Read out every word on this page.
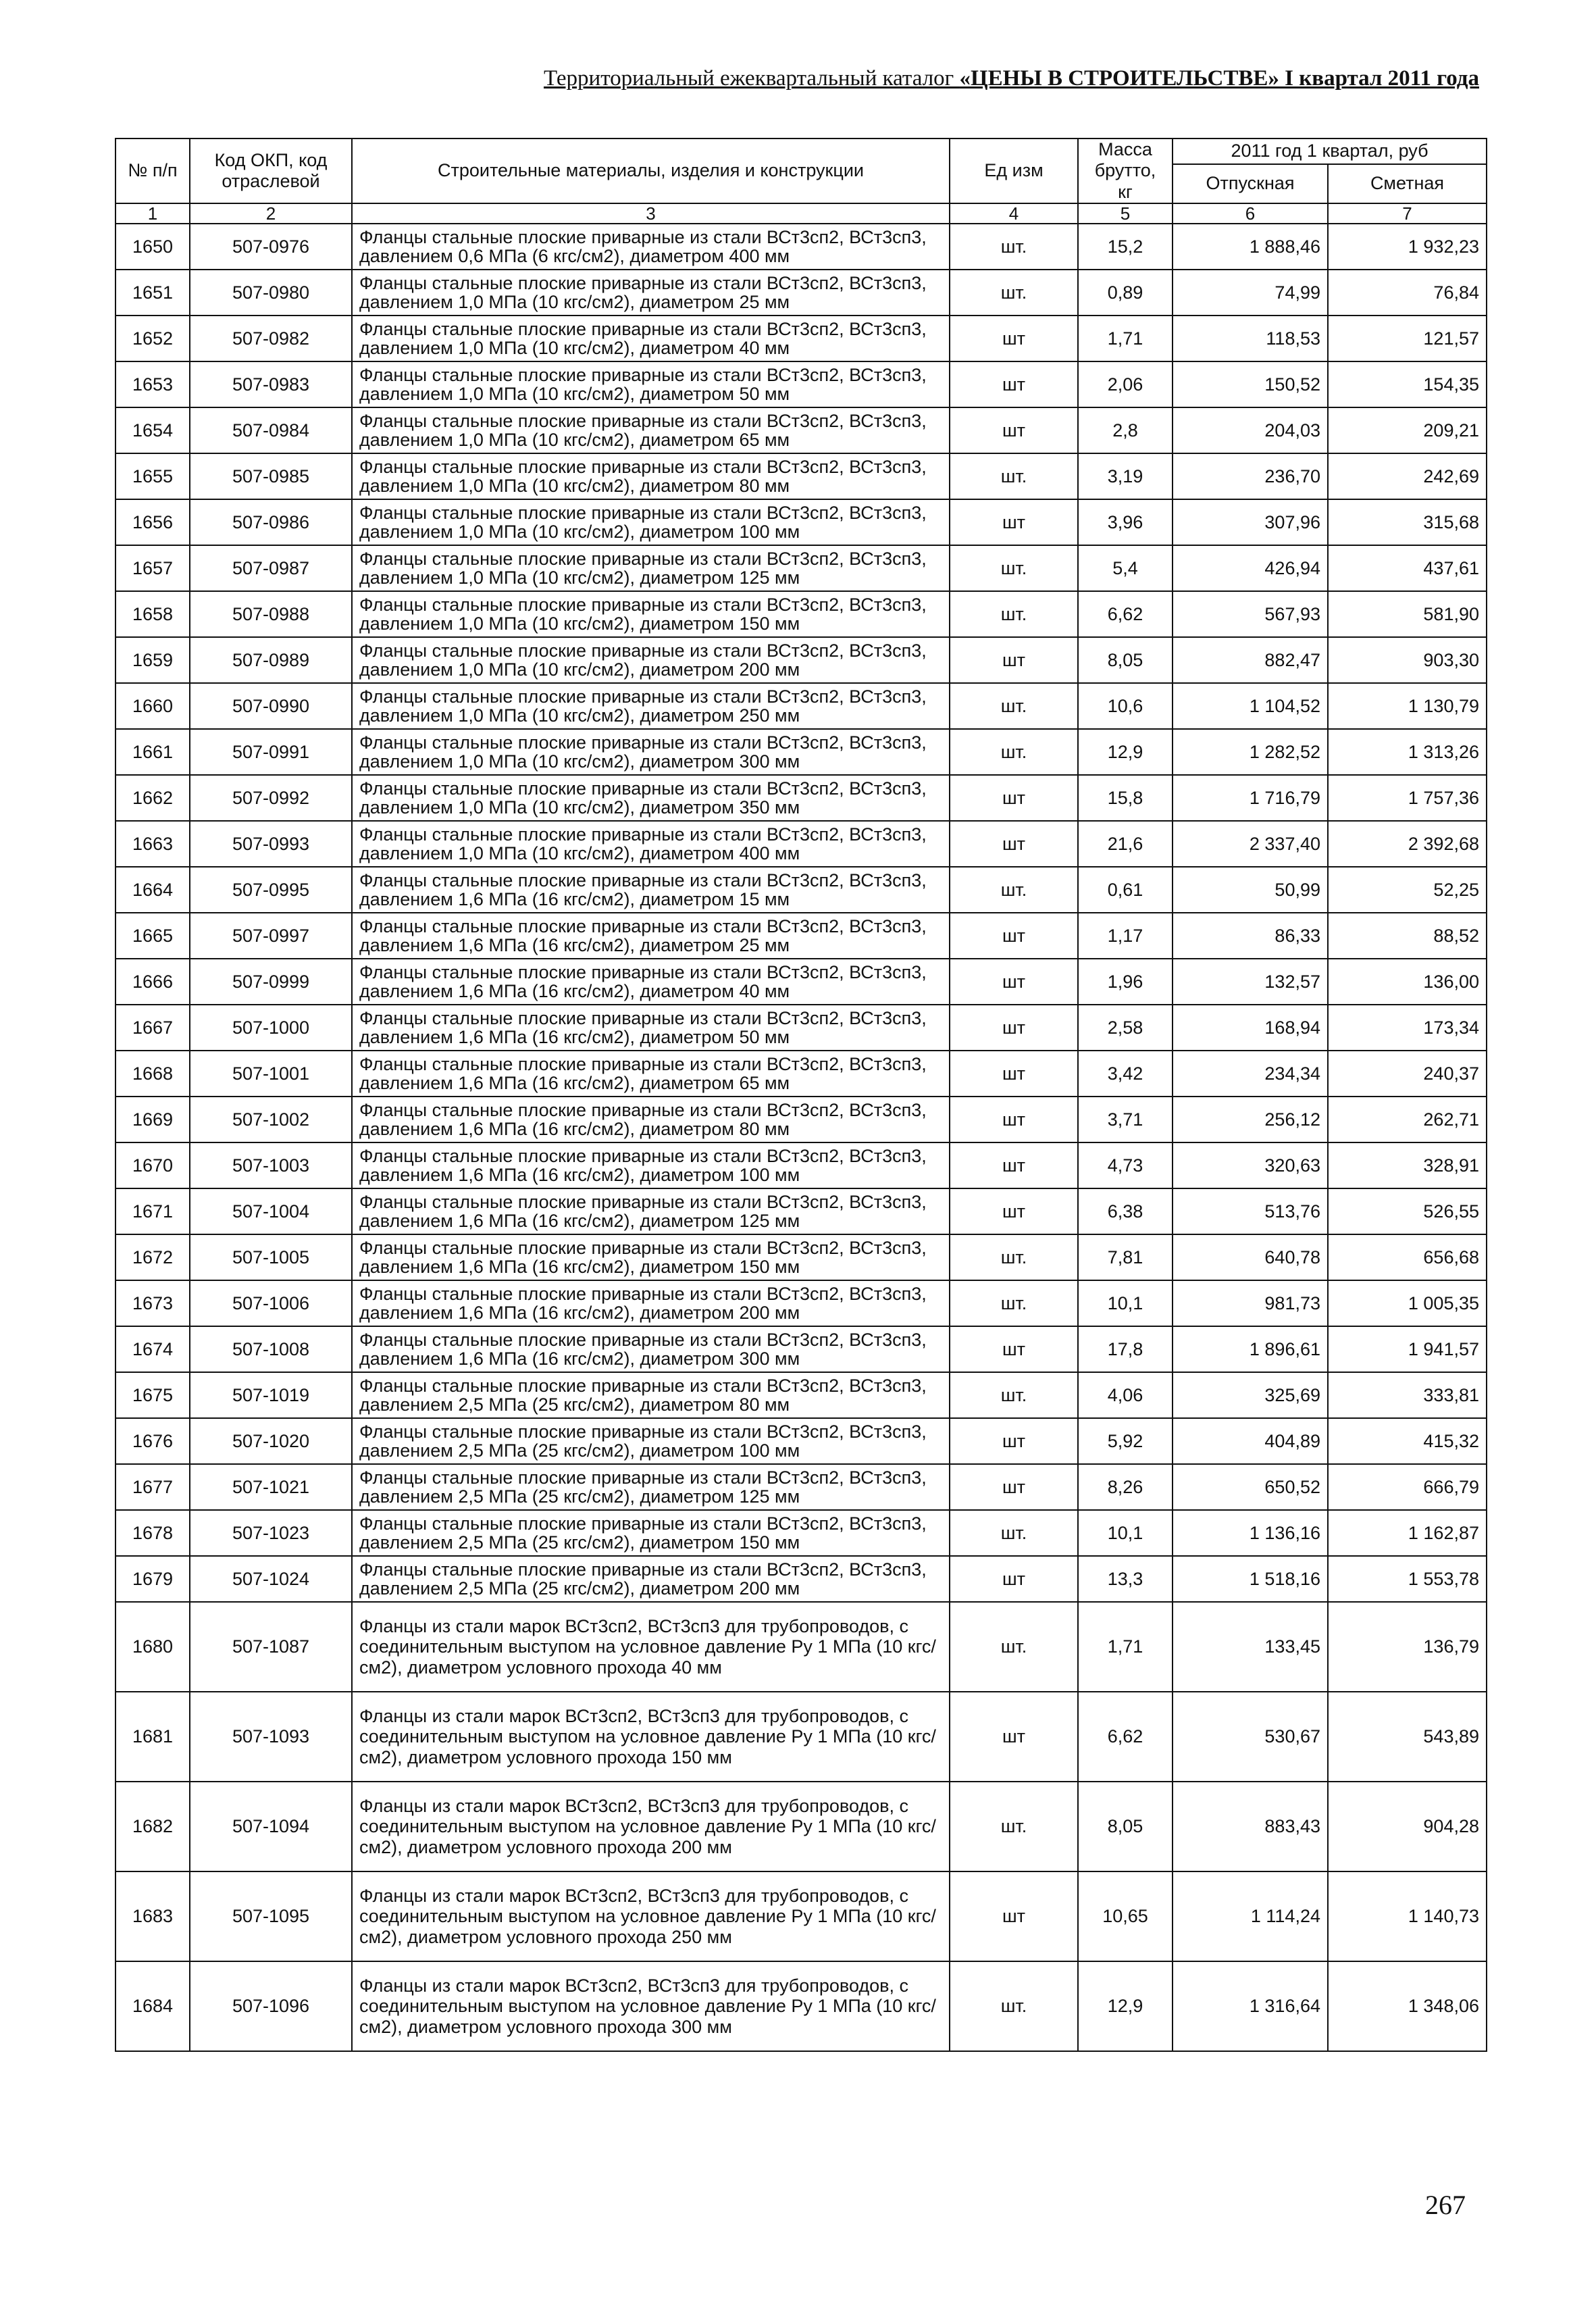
Территориальный ежеквартальный каталог «ЦЕНЫ В СТРОИТЕЛЬСТВЕ» I квартал 2011 года
№ п/п	Код ОКП, код отраслевой	Строительные материалы, изделия и конструкции	Ед изм	Масса брутто, кг	2011 год 1 квартал, руб	
					Отпускная	Сметная
1	2	3	4	5	6	7
1650	507-0976	Фланцы стальные плоские приварные из стали ВСт3сп2, ВСт3сп3, давлением 0,6 МПа (6 кгс/см2), диаметром 400 мм	шт.	15,2	1 888,46	1 932,23
1651	507-0980	Фланцы стальные плоские приварные из стали ВСт3сп2, ВСт3сп3, давлением 1,0 МПа (10 кгс/см2), диаметром 25 мм	шт.	0,89	74,99	76,84
1652	507-0982	Фланцы стальные плоские приварные из стали ВСт3сп2, ВСт3сп3, давлением 1,0 МПа (10 кгс/см2), диаметром 40 мм	шт	1,71	118,53	121,57
1653	507-0983	Фланцы стальные плоские приварные из стали ВСт3сп2, ВСт3сп3, давлением 1,0 МПа (10 кгс/см2), диаметром 50 мм	шт	2,06	150,52	154,35
1654	507-0984	Фланцы стальные плоские приварные из стали ВСт3сп2, ВСт3сп3, давлением 1,0 МПа (10 кгс/см2), диаметром 65 мм	шт	2,8	204,03	209,21
1655	507-0985	Фланцы стальные плоские приварные из стали ВСт3сп2, ВСт3сп3, давлением 1,0 МПа (10 кгс/см2), диаметром 80 мм	шт.	3,19	236,70	242,69
1656	507-0986	Фланцы стальные плоские приварные из стали ВСт3сп2, ВСт3сп3, давлением 1,0 МПа (10 кгс/см2), диаметром 100 мм	шт	3,96	307,96	315,68
1657	507-0987	Фланцы стальные плоские приварные из стали ВСт3сп2, ВСт3сп3, давлением 1,0 МПа (10 кгс/см2), диаметром 125 мм	шт.	5,4	426,94	437,61
1658	507-0988	Фланцы стальные плоские приварные из стали ВСт3сп2, ВСт3сп3, давлением 1,0 МПа (10 кгс/см2), диаметром 150 мм	шт.	6,62	567,93	581,90
1659	507-0989	Фланцы стальные плоские приварные из стали ВСт3сп2, ВСт3сп3, давлением 1,0 МПа (10 кгс/см2), диаметром 200 мм	шт	8,05	882,47	903,30
1660	507-0990	Фланцы стальные плоские приварные из стали ВСт3сп2, ВСт3сп3, давлением 1,0 МПа (10 кгс/см2), диаметром 250 мм	шт.	10,6	1 104,52	1 130,79
1661	507-0991	Фланцы стальные плоские приварные из стали ВСт3сп2, ВСт3сп3, давлением 1,0 МПа (10 кгс/см2), диаметром 300 мм	шт.	12,9	1 282,52	1 313,26
1662	507-0992	Фланцы стальные плоские приварные из стали ВСт3сп2, ВСт3сп3, давлением 1,0 МПа (10 кгс/см2), диаметром 350 мм	шт	15,8	1 716,79	1 757,36
1663	507-0993	Фланцы стальные плоские приварные из стали ВСт3сп2, ВСт3сп3, давлением 1,0 МПа (10 кгс/см2), диаметром 400 мм	шт	21,6	2 337,40	2 392,68
1664	507-0995	Фланцы стальные плоские приварные из стали ВСт3сп2, ВСт3сп3, давлением 1,6 МПа (16 кгс/см2), диаметром 15 мм	шт.	0,61	50,99	52,25
1665	507-0997	Фланцы стальные плоские приварные из стали ВСт3сп2, ВСт3сп3, давлением 1,6 МПа (16 кгс/см2), диаметром 25 мм	шт	1,17	86,33	88,52
1666	507-0999	Фланцы стальные плоские приварные из стали ВСт3сп2, ВСт3сп3, давлением 1,6 МПа (16 кгс/см2), диаметром 40 мм	шт	1,96	132,57	136,00
1667	507-1000	Фланцы стальные плоские приварные из стали ВСт3сп2, ВСт3сп3, давлением 1,6 МПа (16 кгс/см2), диаметром 50 мм	шт	2,58	168,94	173,34
1668	507-1001	Фланцы стальные плоские приварные из стали ВСт3сп2, ВСт3сп3, давлением 1,6 МПа (16 кгс/см2), диаметром 65 мм	шт	3,42	234,34	240,37
1669	507-1002	Фланцы стальные плоские приварные из стали ВСт3сп2, ВСт3сп3, давлением 1,6 МПа (16 кгс/см2), диаметром 80 мм	шт	3,71	256,12	262,71
1670	507-1003	Фланцы стальные плоские приварные из стали ВСт3сп2, ВСт3сп3, давлением 1,6 МПа (16 кгс/см2), диаметром 100 мм	шт	4,73	320,63	328,91
1671	507-1004	Фланцы стальные плоские приварные из стали ВСт3сп2, ВСт3сп3, давлением 1,6 МПа (16 кгс/см2), диаметром 125 мм	шт	6,38	513,76	526,55
1672	507-1005	Фланцы стальные плоские приварные из стали ВСт3сп2, ВСт3сп3, давлением 1,6 МПа (16 кгс/см2), диаметром 150 мм	шт.	7,81	640,78	656,68
1673	507-1006	Фланцы стальные плоские приварные из стали ВСт3сп2, ВСт3сп3, давлением 1,6 МПа (16 кгс/см2), диаметром 200 мм	шт.	10,1	981,73	1 005,35
1674	507-1008	Фланцы стальные плоские приварные из стали ВСт3сп2, ВСт3сп3, давлением 1,6 МПа (16 кгс/см2), диаметром 300 мм	шт	17,8	1 896,61	1 941,57
1675	507-1019	Фланцы стальные плоские приварные из стали ВСт3сп2, ВСт3сп3, давлением 2,5 МПа (25 кгс/см2), диаметром 80 мм	шт.	4,06	325,69	333,81
1676	507-1020	Фланцы стальные плоские приварные из стали ВСт3сп2, ВСт3сп3, давлением 2,5 МПа (25 кгс/см2), диаметром 100 мм	шт	5,92	404,89	415,32
1677	507-1021	Фланцы стальные плоские приварные из стали ВСт3сп2, ВСт3сп3, давлением 2,5 МПа (25 кгс/см2), диаметром 125 мм	шт	8,26	650,52	666,79
1678	507-1023	Фланцы стальные плоские приварные из стали ВСт3сп2, ВСт3сп3, давлением 2,5 МПа (25 кгс/см2), диаметром 150 мм	шт.	10,1	1 136,16	1 162,87
1679	507-1024	Фланцы стальные плоские приварные из стали ВСт3сп2, ВСт3сп3, давлением 2,5 МПа (25 кгс/см2), диаметром 200 мм	шт	13,3	1 518,16	1 553,78
1680	507-1087	Фланцы из стали марок ВСт3сп2, ВСт3сп3 для трубопроводов, с соединительным выступом на условное давление Ру 1 МПа (10 кгс/см2), диаметром условного прохода 40 мм	шт.	1,71	133,45	136,79
1681	507-1093	Фланцы из стали марок ВСт3сп2, ВСт3сп3 для трубопроводов, с соединительным выступом на условное давление Ру 1 МПа (10 кгс/см2), диаметром условного прохода 150 мм	шт	6,62	530,67	543,89
1682	507-1094	Фланцы из стали марок ВСт3сп2, ВСт3сп3 для трубопроводов, с соединительным выступом на условное давление Ру 1 МПа (10 кгс/см2), диаметром условного прохода 200 мм	шт.	8,05	883,43	904,28
1683	507-1095	Фланцы из стали марок ВСт3сп2, ВСт3сп3 для трубопроводов, с соединительным выступом на условное давление Ру 1 МПа (10 кгс/см2), диаметром условного прохода 250 мм	шт	10,65	1 114,24	1 140,73
1684	507-1096	Фланцы из стали марок ВСт3сп2, ВСт3сп3 для трубопроводов, с соединительным выступом на условное давление Ру 1 МПа (10 кгс/см2), диаметром условного прохода 300 мм	шт.	12,9	1 316,64	1 348,06
267
